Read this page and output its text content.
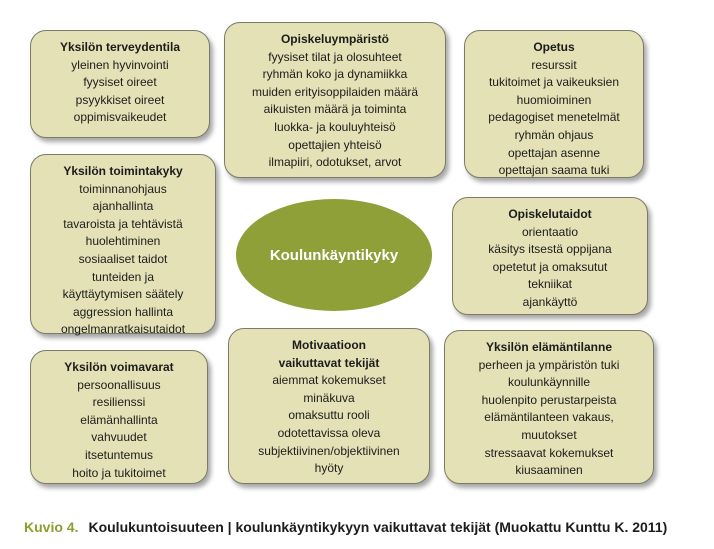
Yksilön terveydentila
yleinen hyvinvointi
fyysiset oireet
psyykkiset oireet
oppimisvaikeudet
Opiskeluympäristö
fyysiset tilat ja olosuhteet
ryhmän koko ja dynamiikka
muiden erityisoppilaiden määrä
aikuisten määrä ja toiminta
luokka- ja kouluyhteisö
opettajien yhteisö
ilmapiiri, odotukset, arvot
Opetus
resurssit
tukitoimet ja vaikeuksien
huomioiminen
pedagogiset menetelmät
ryhmän ohjaus
opettajan asenne
opettajan saama tuki
Yksilön toimintakyky
toiminnanohjaus
ajanhallinta
tavaroista ja tehtävistä
huolehtiminen
sosiaaliset taidot
tunteiden ja
käyttäytymisen säätely
aggression hallinta
ongelmanratkaisutaidot
Opiskelutaidot
orientaatio
käsitys itsestä oppijana
opetetut ja omaksutut
tekniikat
ajankäyttö
Yksilön voimavarat
persoonallisuus
resilienssi
elämänhallinta
vahvuudet
itsetuntemus
hoito ja tukitoimet
Motivaatioon vaikuttavat tekijät
aiemmat kokemukset
minäkuva
omaksuttu rooli
odotettavissa oleva
subjektiivinen/objektiivinen
hyöty
Yksilön elämäntilanne
perheen ja ympäristön tuki
koulunkäynnille
huolenpito perustarpeista
elämäntilanteen vakaus,
muutokset
stressaavat kokemukset
kiusaaminen
Koulunkäyntikyky
Kuvio 4. Koulukuntoisuuteen | koulunkäyntikykyyn vaikuttavat tekijät (Muokattu Kunttu K. 2011)
